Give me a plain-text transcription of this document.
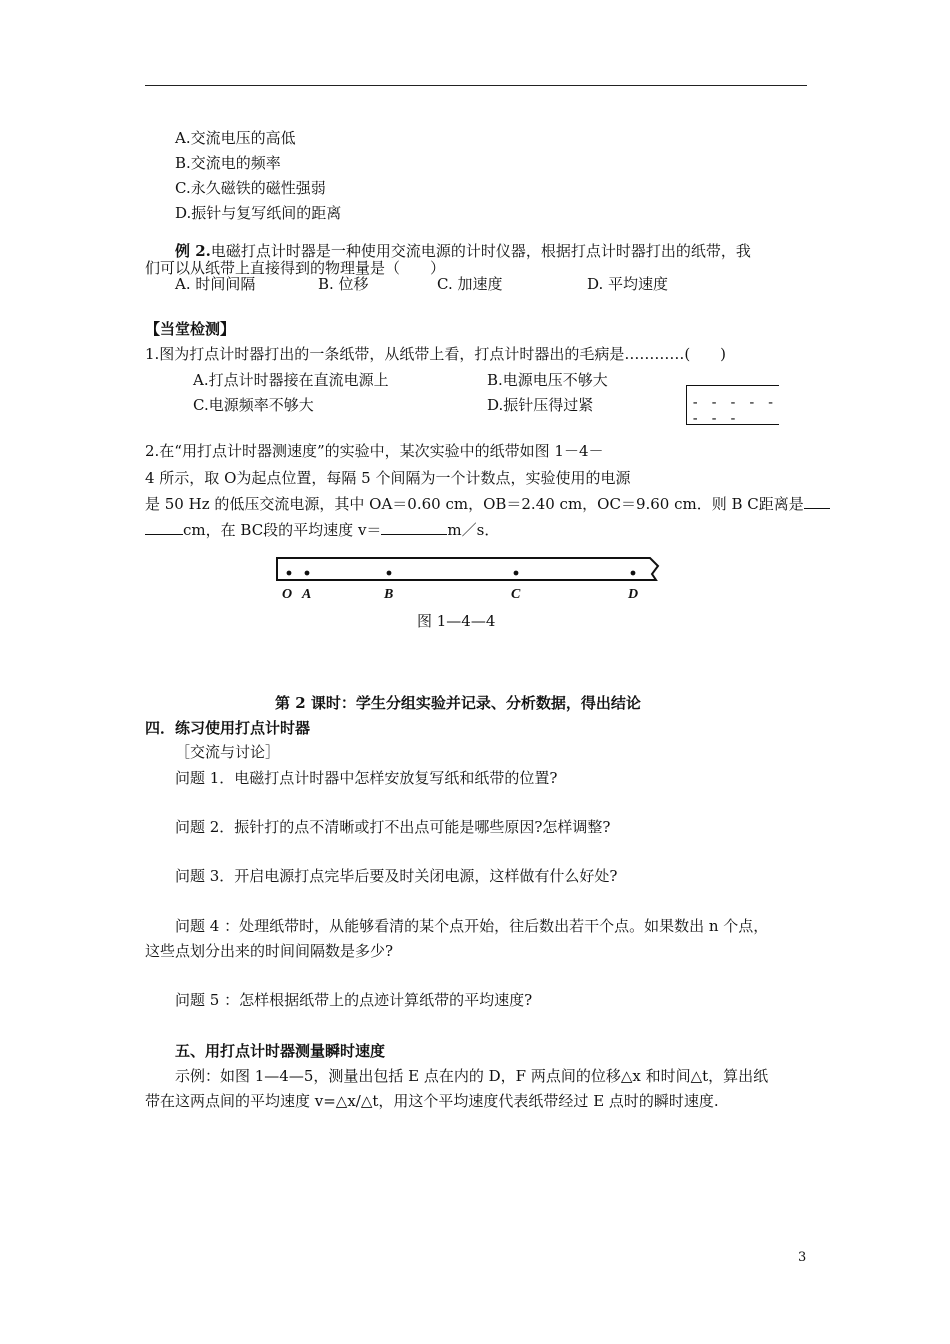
A.交流电压的高低
B.交流电的频率
C.永久磁铁的磁性强弱
D.振针与复写纸间的距离
例 2.电磁打点计时器是一种使用交流电源的计时仪器，根据打点计时器打出的纸带，我
们可以从纸带上直接得到的物理量是（　　）
A. 时间间隔	B. 位移	C. 加速度	D. 平均速度
【当堂检测】
1.图为打点计时器打出的一条纸带，从纸带上看，打点计时器出的毛病是…………(　　)
A.打点计时器接在直流电源上	B.电源电压不够大
C.电源频率不够大	D.振针压得过紧	- - - - - - - -
2.在“用打点计时器测速度”的实验中，某次实验中的纸带如图 1－4－
4 所示，取 O为起点位置，每隔 5 个间隔为一个计数点，实验使用的电源
是 50 Hz 的低压交流电源，其中 OA＝0.60 cm，OB＝2.40 cm，OC＝9.60 cm．则 B C距离是
cm，在 BC段的平均速度 v＝	m／s．
O A	B	C	D
图 1—4—4
第 2 课时：学生分组实验并记录、分析数据，得出结论
四．练习使用打点计时器
［交流与讨论］
问题 1．电磁打点计时器中怎样安放复写纸和纸带的位置?
问题 2．振针打的点不清晰或打不出点可能是哪些原因?怎样调整?
问题 3．开启电源打点完毕后要及时关闭电源，这样做有什么好处?
问题 4 ：处理纸带时，从能够看清的某个点开始，往后数出若干个点。如果数出 n 个点，
这些点划分出来的时间间隔数是多少?
问题 5 ：怎样根据纸带上的点迹计算纸带的平均速度?
五、用打点计时器测量瞬时速度
示例：如图 1—4—5，测量出包括 E 点在内的 D，F 两点间的位移△x 和时间△t，算出纸
带在这两点间的平均速度 v=△x/△t，用这个平均速度代表纸带经过 E 点时的瞬时速度.
3
